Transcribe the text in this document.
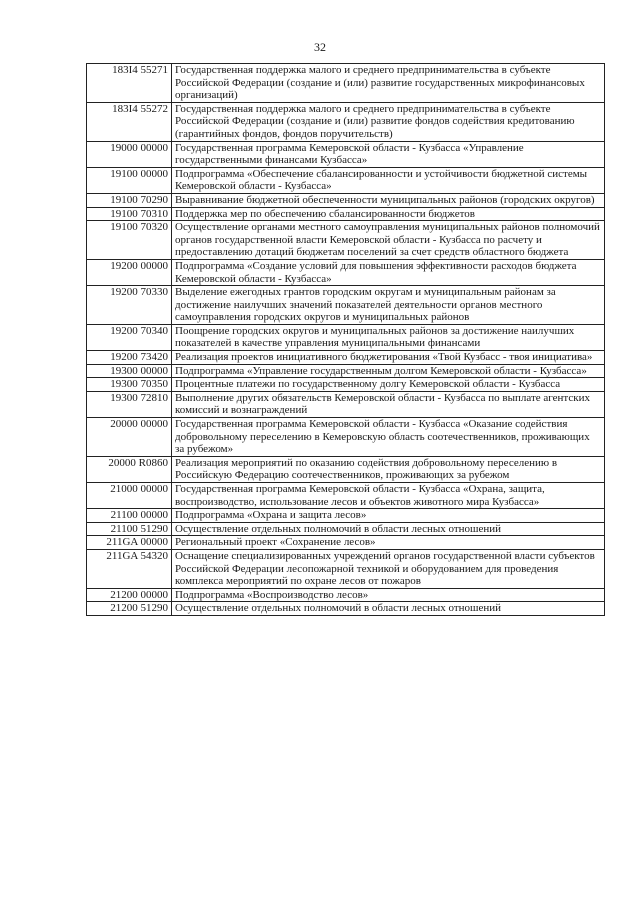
32
183I4 55271	Государственная поддержка малого и среднего предпринимательства в субъекте Российской Федерации (создание и (или) развитие государственных микрофинансовых организаций)
183I4 55272	Государственная поддержка малого и среднего предпринимательства в субъекте Российской Федерации (создание и (или) развитие фондов содействия кредитованию (гарантийных фондов, фондов поручительств)
19000 00000	Государственная программа Кемеровской области - Кузбасса «Управление государственными финансами Кузбасса»
19100 00000	Подпрограмма «Обеспечение сбалансированности и устойчивости бюджетной системы Кемеровской области - Кузбасса»
19100 70290	Выравнивание бюджетной обеспеченности муниципальных районов (городских округов)
19100 70310	Поддержка мер по обеспечению сбалансированности бюджетов
19100 70320	Осуществление органами местного самоуправления муниципальных районов полномочий органов государственной власти Кемеровской области - Кузбасса по расчету и предоставлению дотаций бюджетам поселений за счет средств областного бюджета
19200 00000	Подпрограмма «Создание условий для повышения эффективности расходов бюджета Кемеровской области - Кузбасса»
19200 70330	Выделение ежегодных грантов городским округам и муниципальным районам за достижение наилучших значений показателей деятельности органов местного самоуправления городских округов и муниципальных районов
19200 70340	Поощрение городских округов и муниципальных районов за достижение наилучших показателей в качестве управления муниципальными финансами
19200 73420	Реализация проектов инициативного бюджетирования «Твой Кузбасс - твоя инициатива»
19300 00000	Подпрограмма «Управление государственным долгом Кемеровской области - Кузбасса»
19300 70350	Процентные платежи по государственному долгу Кемеровской области - Кузбасса
19300 72810	Выполнение других обязательств Кемеровской области - Кузбасса по выплате агентских комиссий и вознаграждений
20000 00000	Государственная программа Кемеровской области - Кузбасса «Оказание содействия добровольному переселению в Кемеровскую область соотечественников, проживающих за рубежом»
20000 R0860	Реализация мероприятий по оказанию содействия добровольному переселению в Российскую Федерацию соотечественников, проживающих за рубежом
21000 00000	Государственная программа Кемеровской области - Кузбасса «Охрана, защита, воспроизводство, использование лесов и объектов животного мира Кузбасса»
21100 00000	Подпрограмма «Охрана и защита лесов»
21100 51290	Осуществление отдельных полномочий в области лесных отношений
211GA 00000	Региональный проект «Сохранение лесов»
211GA 54320	Оснащение специализированных учреждений органов государственной власти субъектов Российской Федерации лесопожарной техникой и оборудованием для проведения комплекса мероприятий по охране лесов от пожаров
21200 00000	Подпрограмма «Воспроизводство лесов»
21200 51290	Осуществление отдельных полномочий в области лесных отношений
